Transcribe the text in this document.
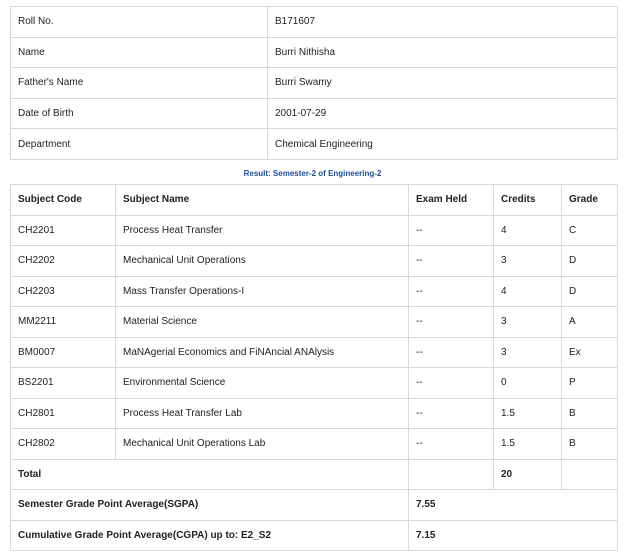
Roll No.	B171607
Name	Burri Nithisha
Father's Name	Burri Swamy
Date of Birth	2001-07-29
Department	Chemical Engineering
Result: Semester-2 of Engineering-2
Subject Code	Subject Name	Exam Held	Credits	Grade
CH2201	Process Heat Transfer	--	4	C
CH2202	Mechanical Unit Operations	--	3	D
CH2203	Mass Transfer Operations-I	--	4	D
MM2211	Material Science	--	3	A
BM0007	MaNAgerial Economics and FiNAncial ANAlysis	--	3	Ex
BS2201	Environmental Science	--	0	P
CH2801	Process Heat Transfer Lab	--	1.5	B
CH2802	Mechanical Unit Operations Lab	--	1.5	B
Total			20	
Semester Grade Point Average(SGPA)		7.55		
Cumulative Grade Point Average(CGPA) up to: E2_S2		7.15		
